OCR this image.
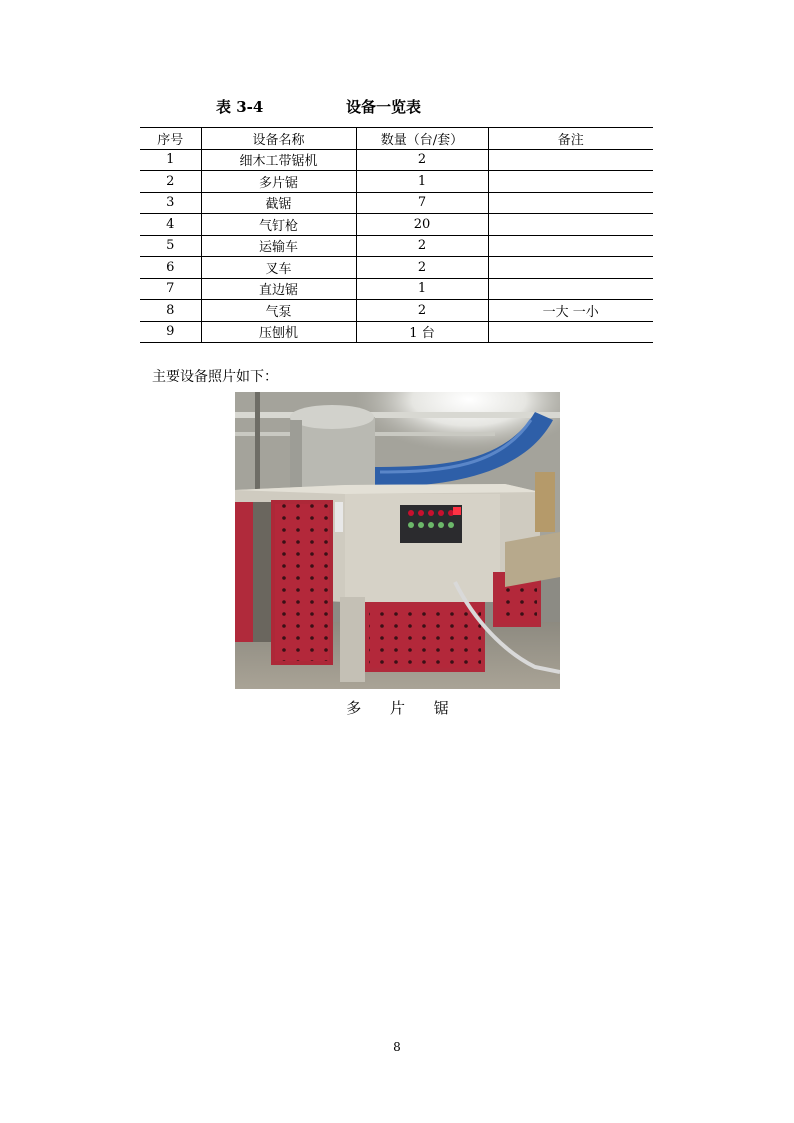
表 3-4	设备一览表
序号	设备名称	数量（台/套）	备注
1	细木工带锯机	2	
2	多片锯	1	
3	截锯	7	
4	气钉枪	20	
5	运输车	2	
6	叉车	2	
7	直边锯	1	
8	气泵	2	一大 一小
9	压刨机	1 台	
主要设备照片如下：
多 片 锯
8
